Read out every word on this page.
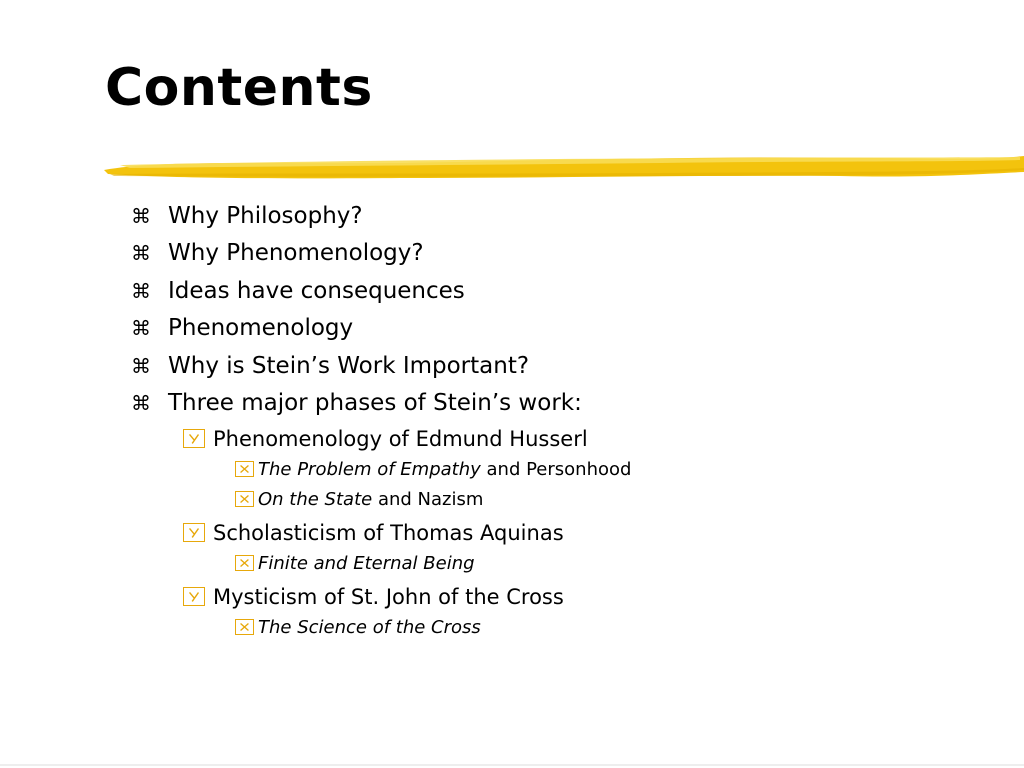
Contents
⌘ Why Philosophy?
⌘ Why Phenomenology?
⌘ Ideas have consequences
⌘ Phenomenology
⌘ Why is Stein’s Work Important?
⌘ Three major phases of Stein’s work:
Phenomenology of Edmund Husserl
The Problem of Empathy and Personhood
On the State and Nazism
Scholasticism of Thomas Aquinas
Finite and Eternal Being
Mysticism of St. John of the Cross
The Science of the Cross
